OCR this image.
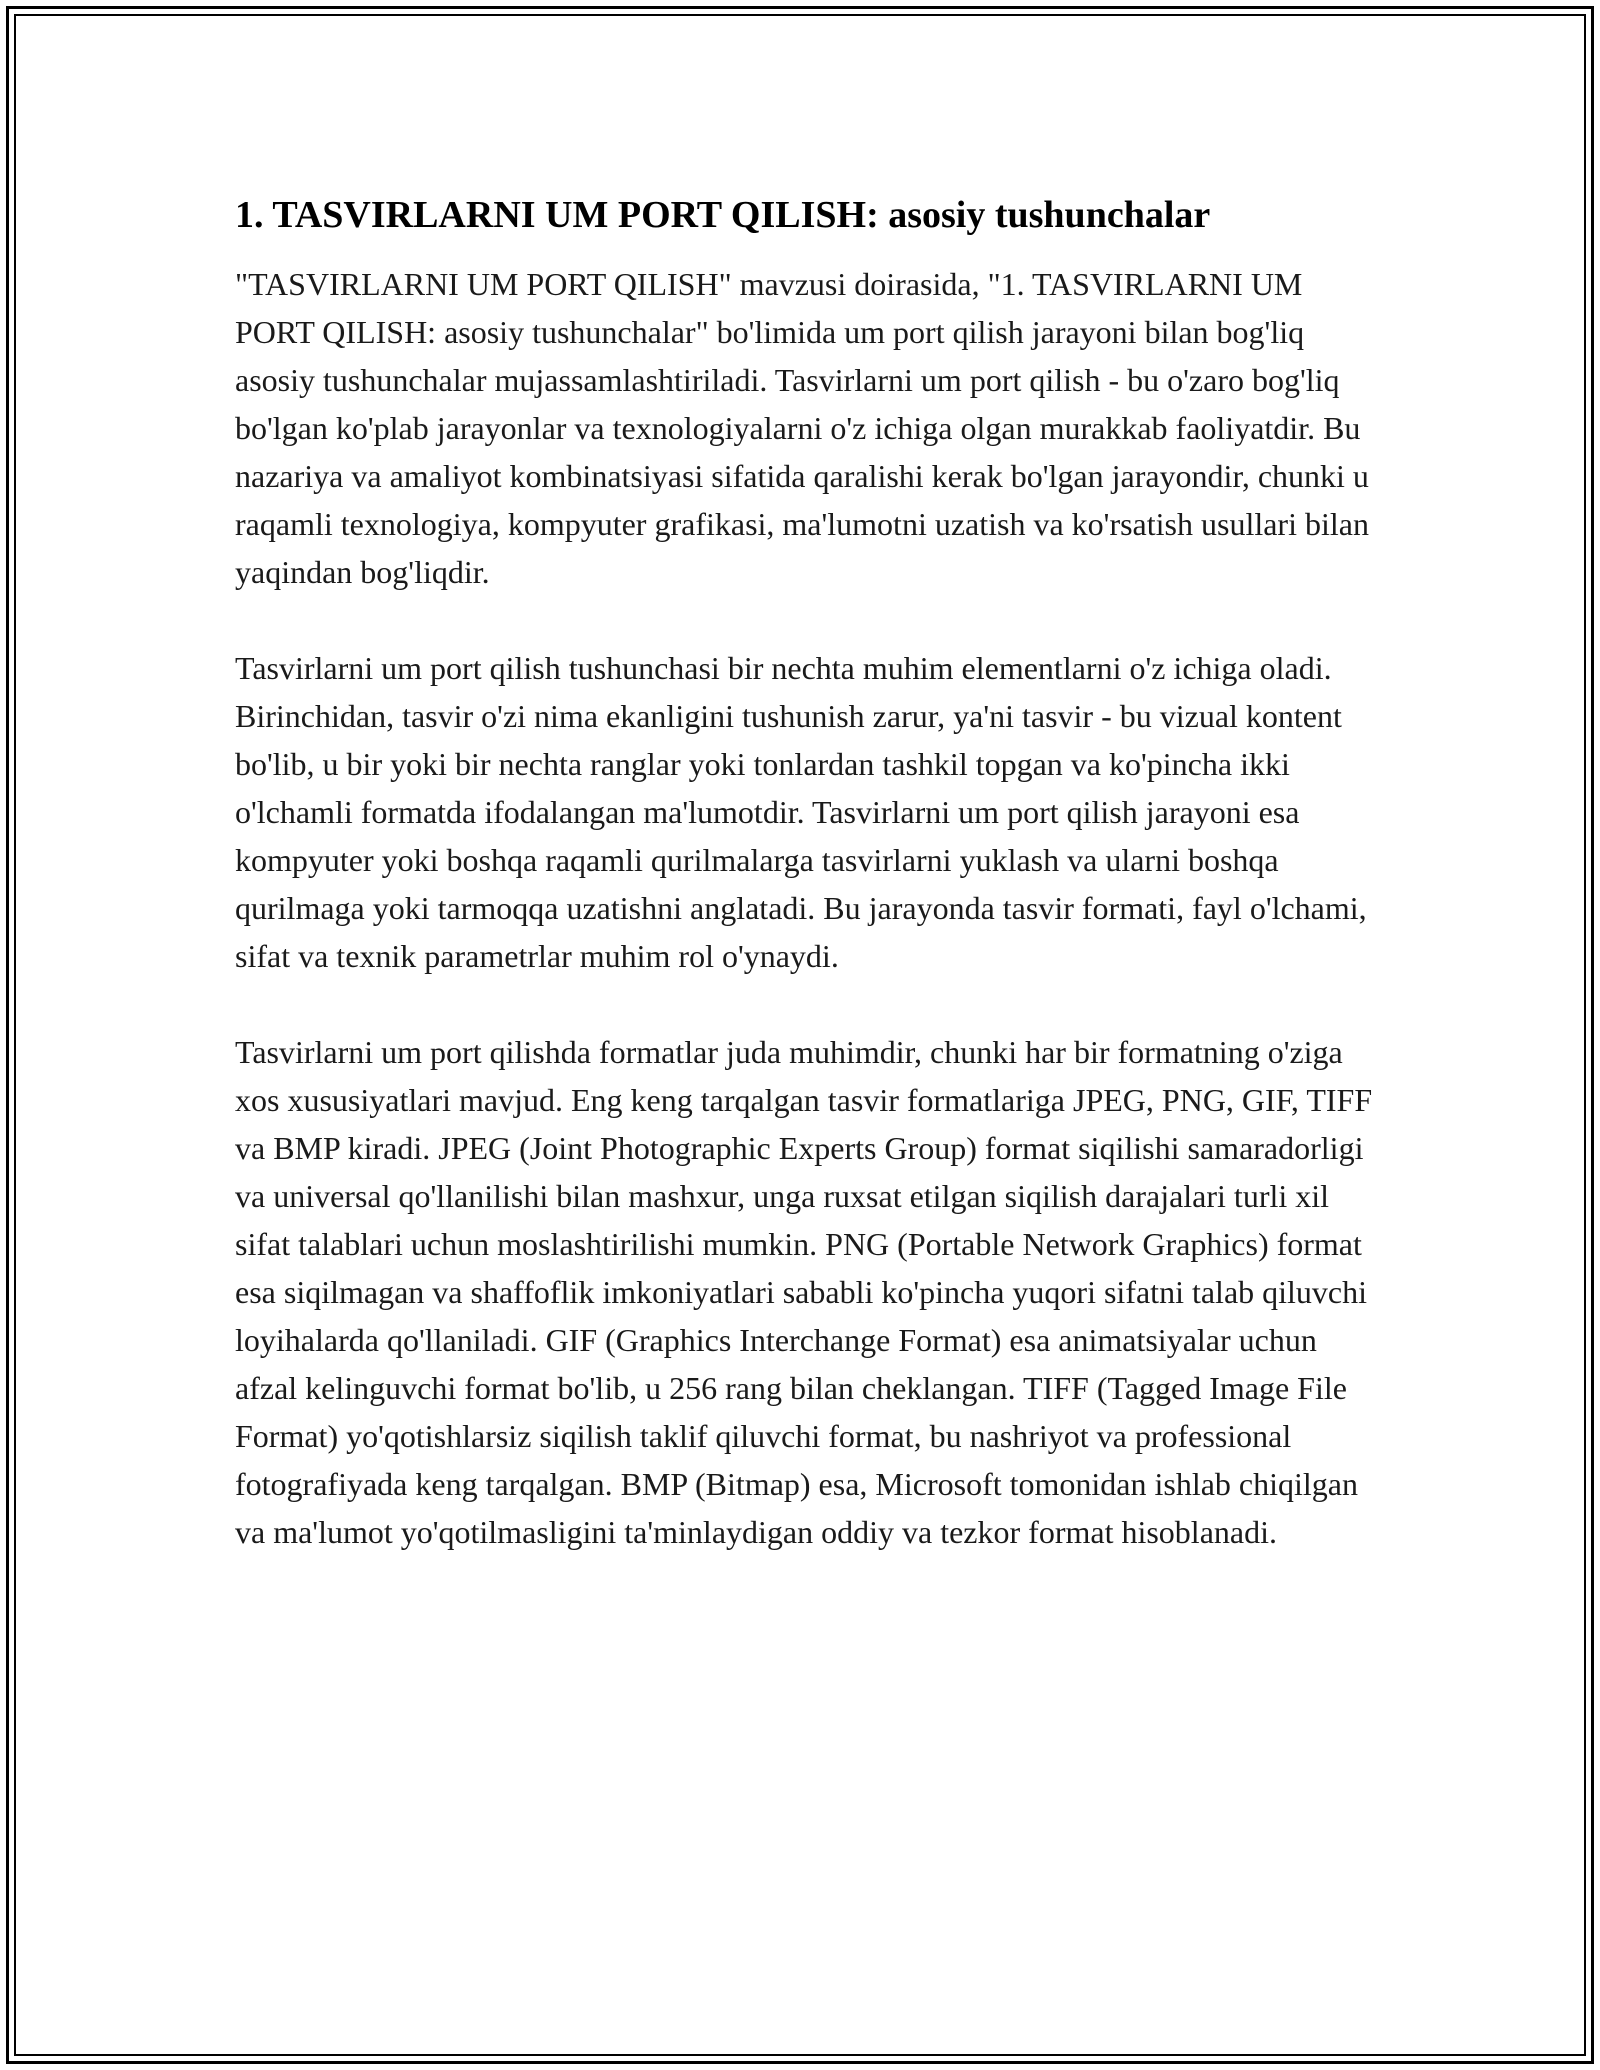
1. TASVIRLARNI UM PORT QILISH: asosiy tushunchalar

"TASVIRLARNI UM PORT QILISH" mavzusi doirasida, "1. TASVIRLARNI UM PORT QILISH: asosiy tushunchalar" bo'limida um port qilish jarayoni bilan bog'liq asosiy tushunchalar mujassamlashtiriladi. Tasvirlarni um port qilish - bu o'zaro bog'liq bo'lgan ko'plab jarayonlar va texnologiyalarni o'z ichiga olgan murakkab faoliyatdir. Bu nazariya va amaliyot kombinatsiyasi sifatida qaralishi kerak bo'lgan jarayondir, chunki u raqamli texnologiya, kompyuter grafikasi, ma'lumotni uzatish va ko'rsatish usullari bilan yaqindan bog'liqdir.

Tasvirlarni um port qilish tushunchasi bir nechta muhim elementlarni o'z ichiga oladi. Birinchidan, tasvir o'zi nima ekanligini tushunish zarur, ya'ni tasvir - bu vizual kontent bo'lib, u bir yoki bir nechta ranglar yoki tonlardan tashkil topgan va ko'pincha ikki o'lchamli formatda ifodalangan ma'lumotdir. Tasvirlarni um port qilish jarayoni esa kompyuter yoki boshqa raqamli qurilmalarga tasvirlarni yuklash va ularni boshqa qurilmaga yoki tarmoqqa uzatishni anglatadi. Bu jarayonda tasvir formati, fayl o'lchami, sifat va texnik parametrlar muhim rol o'ynaydi.

Tasvirlarni um port qilishda formatlar juda muhimdir, chunki har bir formatning o'ziga xos xususiyatlari mavjud. Eng keng tarqalgan tasvir formatlariga JPEG, PNG, GIF, TIFF va BMP kiradi. JPEG (Joint Photographic Experts Group) format siqilishi samaradorligi va universal qo'llanilishi bilan mashxur, unga ruxsat etilgan siqilish darajalari turli xil sifat talablari uchun moslashtirilishi mumkin. PNG (Portable Network Graphics) format esa siqilmagan va shaffoflik imkoniyatlari sababli ko'pincha yuqori sifatni talab qiluvchi loyihalarda qo'llaniladi. GIF (Graphics Interchange Format) esa animatsiyalar uchun afzal kelinguvchi format bo'lib, u 256 rang bilan cheklangan. TIFF (Tagged Image File Format) yo'qotishlarsiz siqilish taklif qiluvchi format, bu nashriyot va professional fotografiyada keng tarqalgan. BMP (Bitmap) esa, Microsoft tomonidan ishlab chiqilgan va ma'lumot yo'qotilmasligini ta'minlaydigan oddiy va tezkor format hisoblanadi.
